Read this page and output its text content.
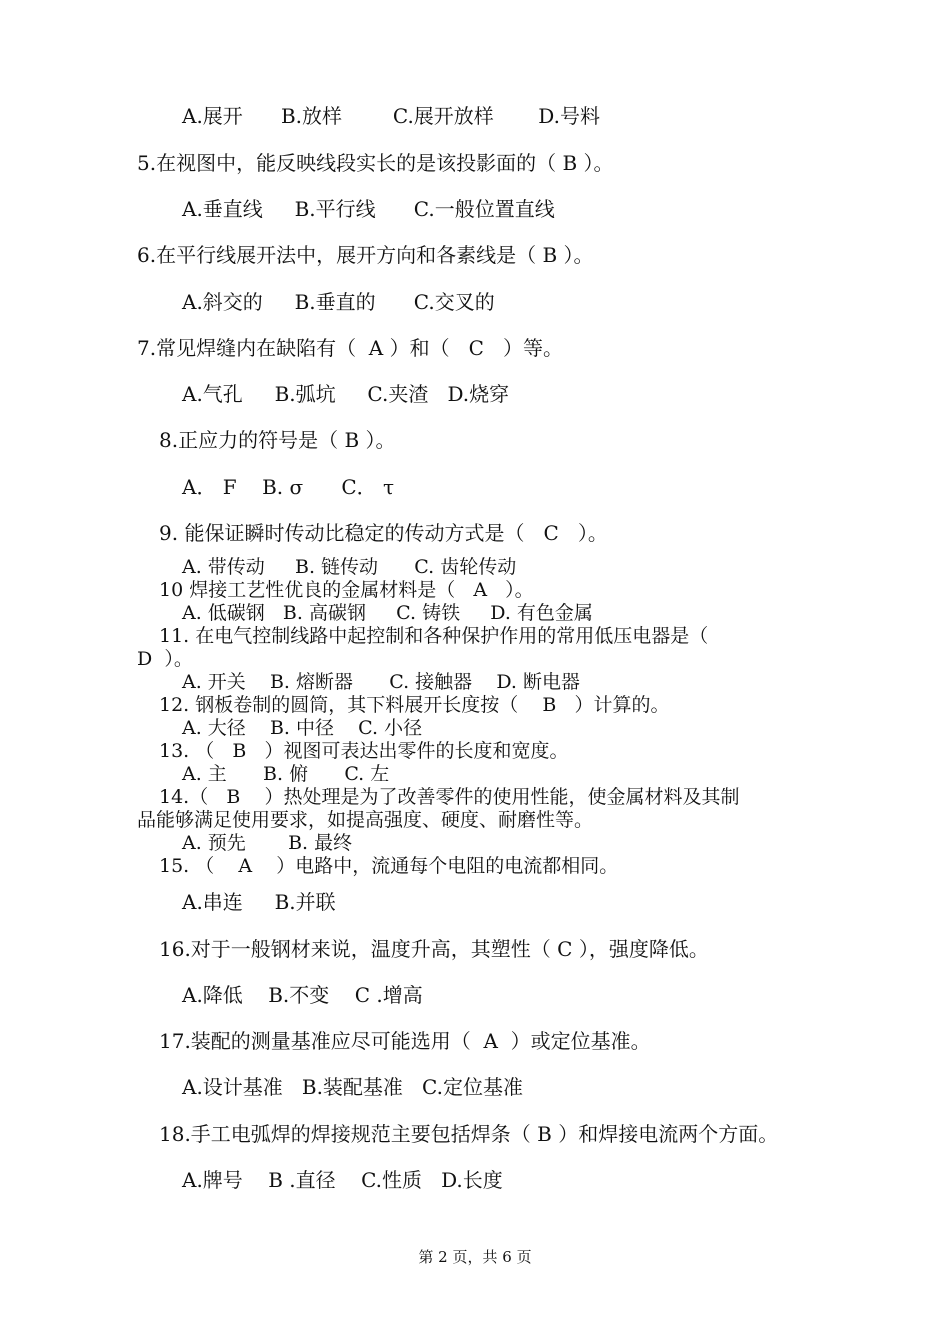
A.展开      B.放样        C.展开放样       D.号料
5.在视图中，能反映线段实长的是该投影面的（ B ）。
A.垂直线     B.平行线      C.一般位置直线
6.在平行线展开法中，展开方向和各素线是（ B ）。
A.斜交的     B.垂直的      C.交叉的
7.常见焊缝内在缺陷有（  A ）和（   C   ）等。
A.气孔     B.弧坑     C.夹渣   D.烧穿
8.正应力的符号是（ B ）。
A． F    B. σ      C． τ
9. 能保证瞬时传动比稳定的传动方式是（   C   ）。
A. 带传动     B. 链传动      C. 齿轮传动
10 焊接工艺性优良的金属材料是（   A   ）。
A. 低碳钢   B. 高碳钢     C. 铸铁     D. 有色金属
11. 在电气控制线路中起控制和各种保护作用的常用低压电器是（
D  ）。
A. 开关    B. 熔断器      C. 接触器    D. 断电器
12. 钢板卷制的圆筒，其下料展开长度按（    B   ）计算的。
A. 大径    B. 中径    C. 小径
13. （   B   ）视图可表达出零件的长度和宽度。
A. 主      B. 俯      C. 左
14.（   B    ）热处理是为了改善零件的使用性能，使金属材料及其制
品能够满足使用要求，如提高强度、硬度、耐磨性等。
A. 预先       B. 最终
15. （    A    ）电路中，流通每个电阻的电流都相同。
A.串连     B.并联
16.对于一般钢材来说，温度升高，其塑性（ C ），强度降低。
A.降低    B.不变    C .增高
17.装配的测量基准应尽可能选用（  A  ）或定位基准。
A.设计基准   B.装配基准   C.定位基准
18.手工电弧焊的焊接规范主要包括焊条（ B ）和焊接电流两个方面。
A.牌号    B .直径    C.性质   D.长度
第 2 页，共 6 页
